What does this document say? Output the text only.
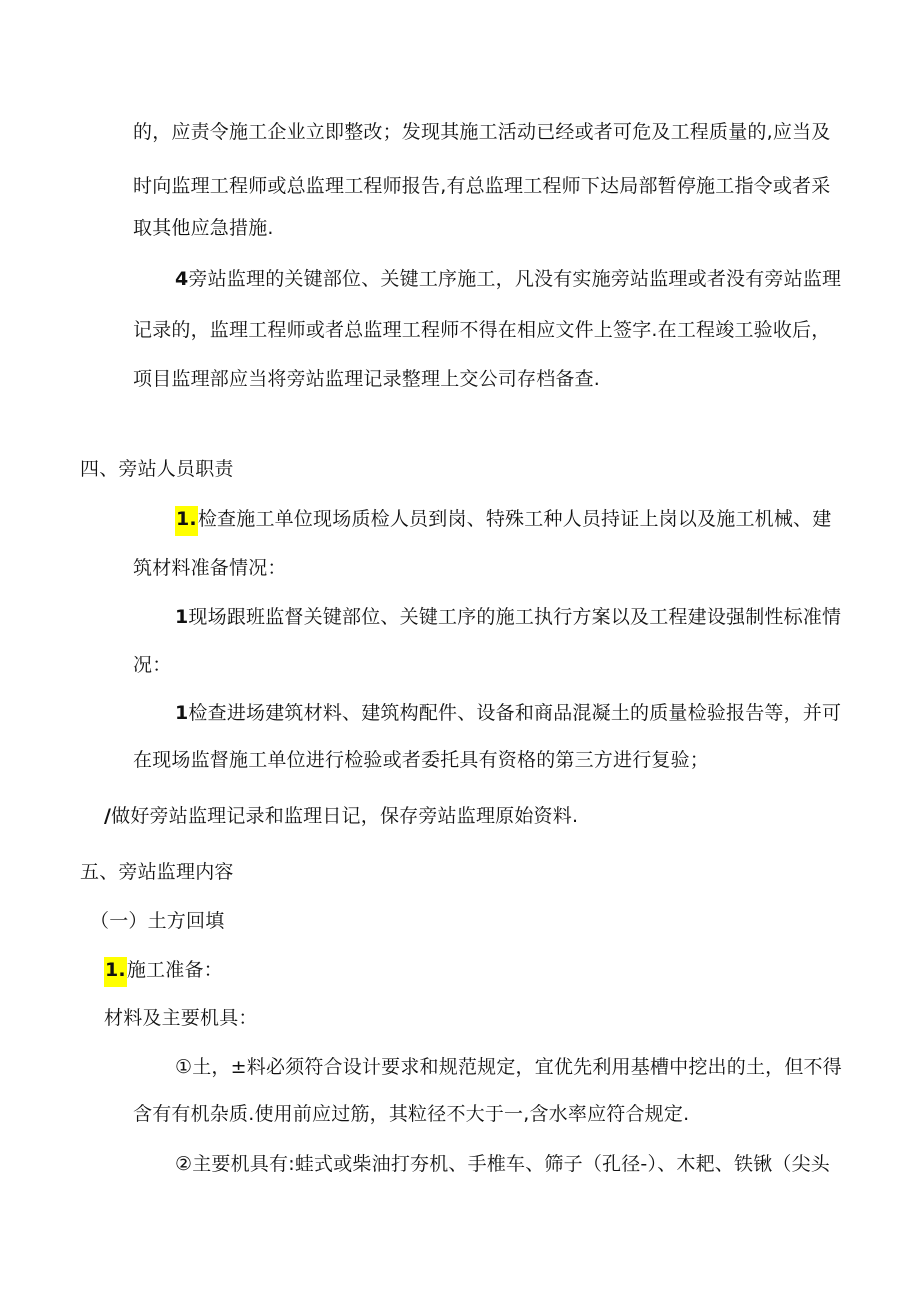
的，应责令施工企业立即整改；发现其施工活动已经或者可危及工程质量的,应当及
时向监理工程师或总监理工程师报告,有总监理工程师下达局部暂停施工指令或者采
取其他应急措施.
4旁站监理的关键部位、关键工序施工，凡没有实施旁站监理或者没有旁站监理
记录的，监理工程师或者总监理工程师不得在相应文件上签字.在工程竣工验收后，
项目监理部应当将旁站监理记录整理上交公司存档备查.
四、旁站人员职责
1.检查施工单位现场质检人员到岗、特殊工种人员持证上岗以及施工机械、建
筑材料准备情况：
1现场跟班监督关键部位、关键工序的施工执行方案以及工程建设强制性标准情
况：
1检查进场建筑材料、建筑构配件、设备和商品混凝土的质量检验报告等，并可
在现场监督施工单位进行检验或者委托具有资格的第三方进行复验；
/做好旁站监理记录和监理日记，保存旁站监理原始资料.
五、旁站监理内容
（一）土方回填
1.施工准备：
材料及主要机具：
①土，±料必须符合设计要求和规范规定，宜优先利用基槽中挖出的土，但不得
含有有机杂质.使用前应过筋，其粒径不大于一,含水率应符合规定.
②主要机具有:蛙式或柴油打夯机、手椎车、筛子（孔径-）、木耙、铁锹（尖头
